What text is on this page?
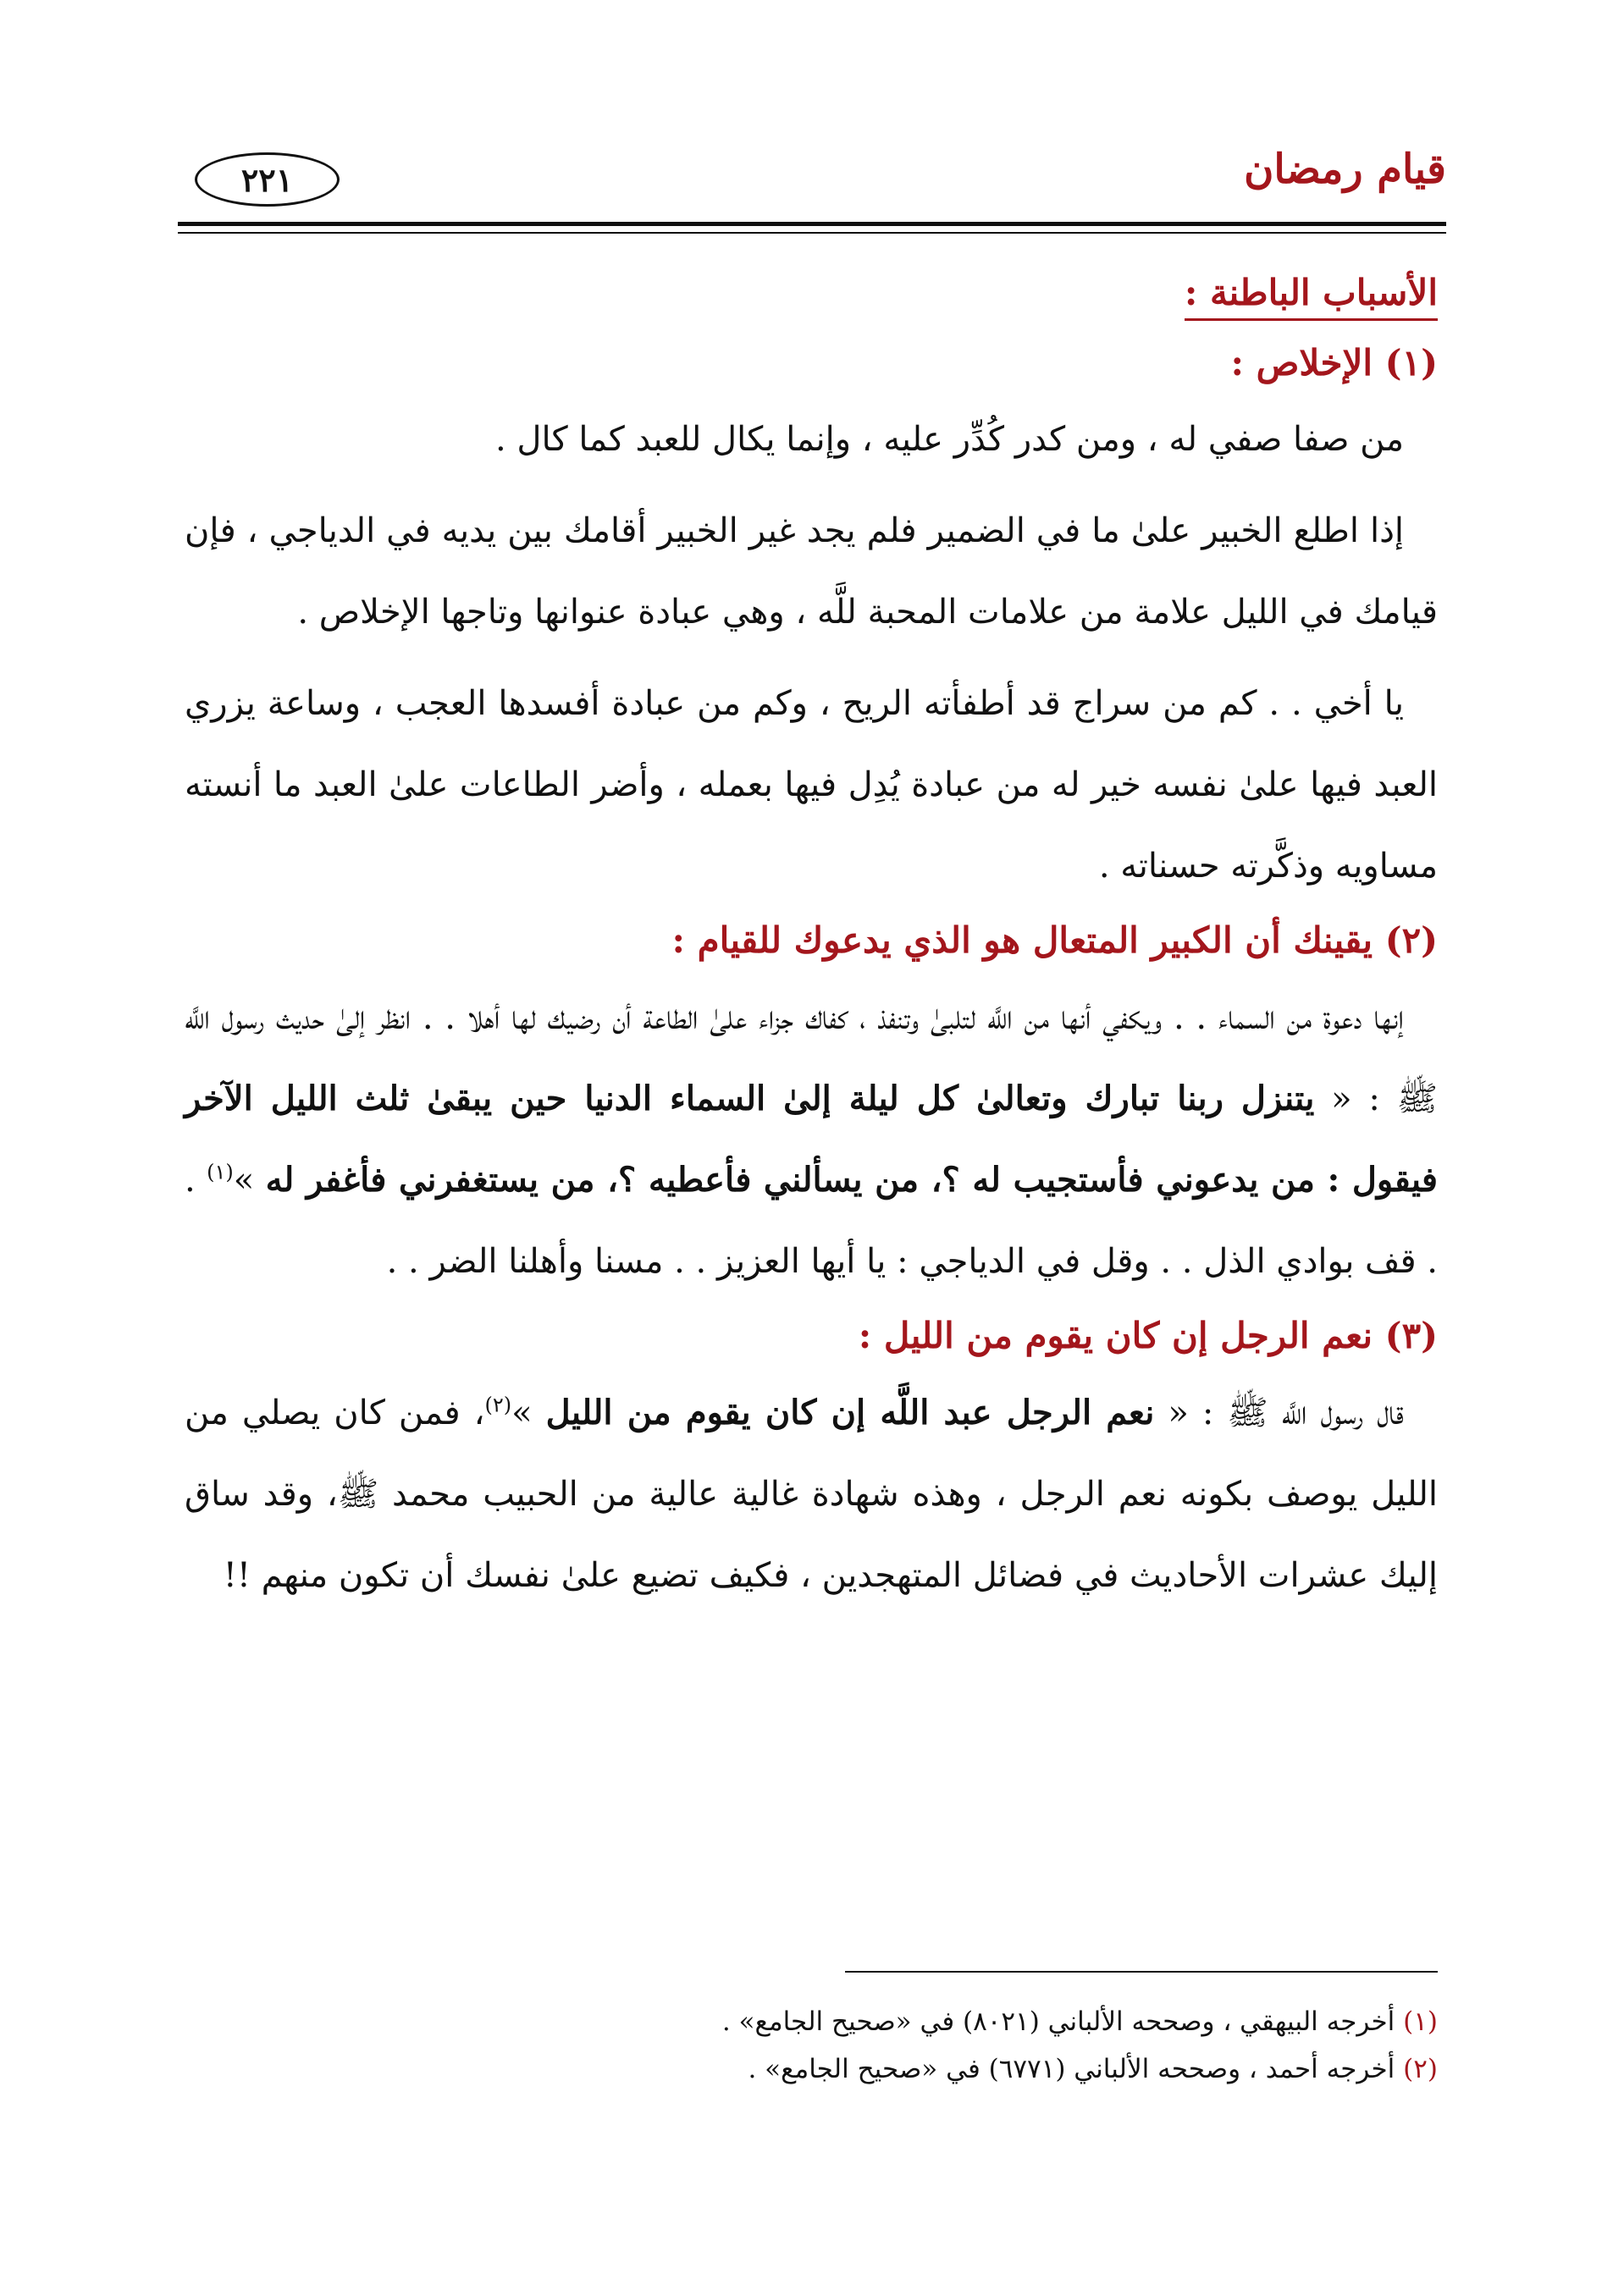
قيام رمضان
٢٢١
الأسباب الباطنة :
(١) الإخلاص :

من صفا صفي له ، ومن كدر كُدِّر عليه ، وإنما يكال للعبد كما كال .

إذا اطلع الخبير علىٰ ما في الضمير فلم يجد غير الخبير أقامك بين يديه في الدياجي ، فإن قيامك في الليل علامة من علامات المحبة للَّه ، وهي عبادة عنوانها وتاجها الإخلاص .

يا أخي . . كم من سراج قد أطفأته الريح ، وكم من عبادة أفسدها العجب ، وساعة يزري العبد فيها علىٰ نفسه خير له من عبادة يُدِل فيها بعمله ، وأضر الطاعات علىٰ العبد ما أنسته مساويه وذكَّرته حسناته .

(٢) يقينك أن الكبير المتعال هو الذي يدعوك للقيام :

إنها دعوة من السماء . . ويكفي أنها من اللَّه لتلبىٰ وتنفذ ، كفاك جزاء علىٰ الطاعة أن رضيك لها أهلا . . انظر إلىٰ حديث رسول اللَّه ﷺ : « يتنزل ربنا تبارك وتعالىٰ كل ليلة إلىٰ السماء الدنيا حين يبقىٰ ثلث الليل الآخر فيقول : من يدعوني فأستجيب له ؟، من يسألني فأعطيه ؟، من يستغفرني فأغفر له »$^{(١)}$ . . قف بوادي الذل . . وقل في الدياجي : يا أيها العزيز . . مسنا وأهلنا الضر . .

(٣) نعم الرجل إن كان يقوم من الليل :

قال رسول اللَّه ﷺ : « نعم الرجل عبد اللَّه إن كان يقوم من الليل »$^{(٢)}$، فمن كان يصلي من الليل يوصف بكونه نعم الرجل ، وهذه شهادة غالية عالية من الحبيب محمد ﷺ، وقد ساق إليك عشرات الأحاديث في فضائل المتهجدين ، فكيف تضيع علىٰ نفسك أن تكون منهم !!

(١) أخرجه البيهقي ، وصححه الألباني (٨٠٢١) في «صحيح الجامع» .
(٢) أخرجه أحمد ، وصححه الألباني (٦٧٧١) في «صحيح الجامع» .
